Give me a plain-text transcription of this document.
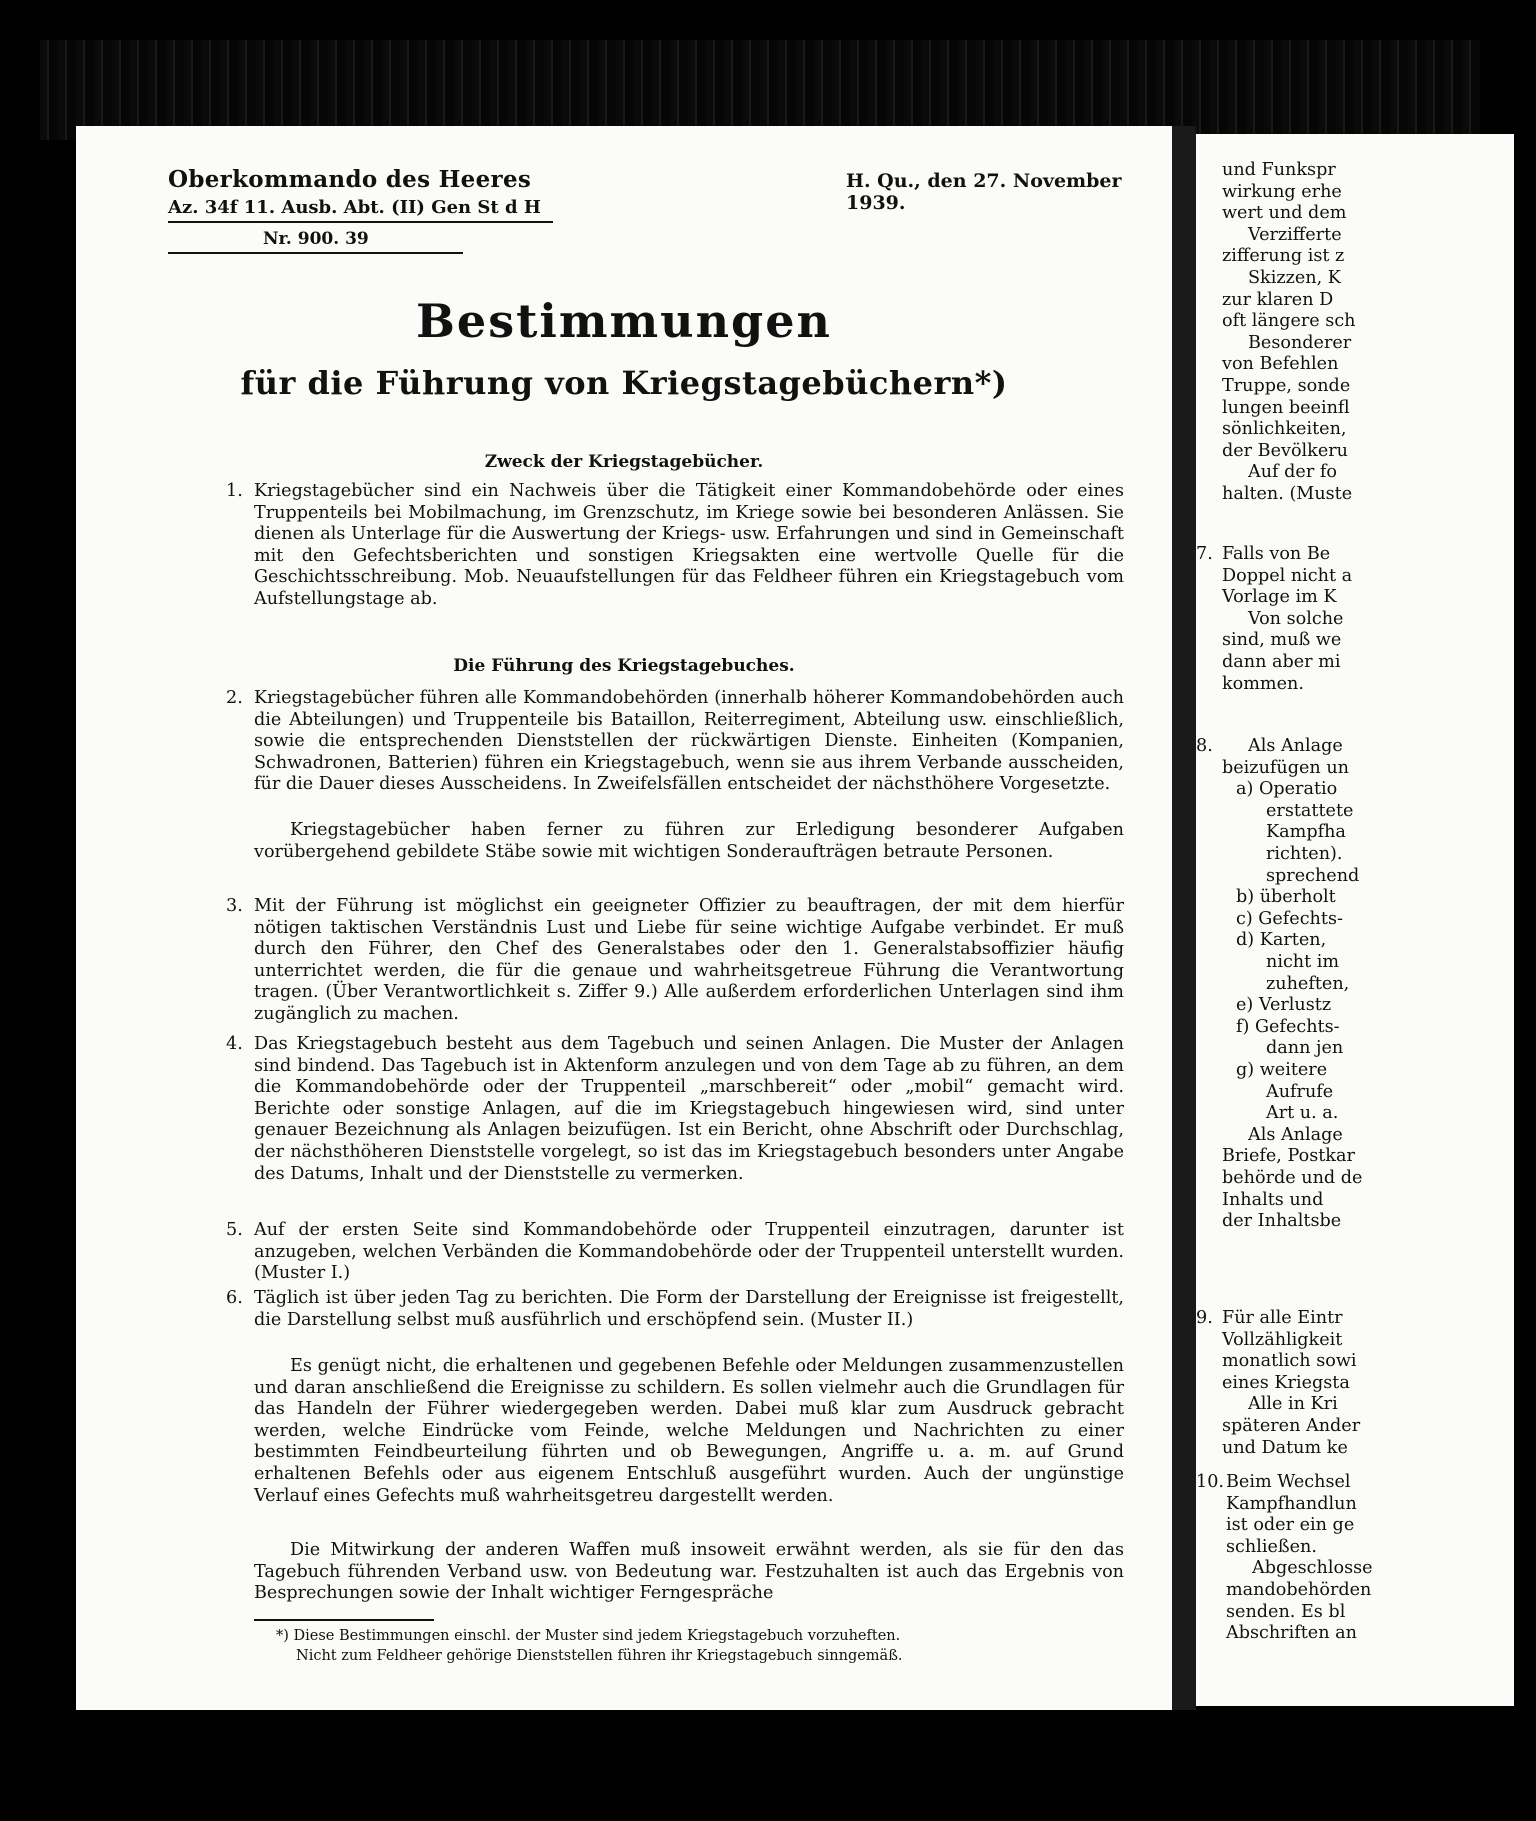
Oberkommando des Heeres
Az. 34f 11. Ausb. Abt. (II) Gen St d H
Nr. 900. 39
H. Qu., den 27. November 1939.
Bestimmungen
für die Führung von Kriegstagebüchern*)
Zweck der Kriegstagebücher.
1. Kriegstagebücher sind ein Nachweis über die Tätigkeit einer Kommandobehörde oder eines Truppenteils bei Mobilmachung, im Grenzschutz, im Kriege sowie bei besonderen Anlässen. Sie dienen als Unterlage für die Auswertung der Kriegs- usw. Erfahrungen und sind in Gemeinschaft mit den Gefechtsberichten und sonstigen Kriegsakten eine wertvolle Quelle für die Geschichtsschreibung. Mob. Neuaufstellungen für das Feldheer führen ein Kriegstagebuch vom Aufstellungstage ab.
Die Führung des Kriegstagebuches.
2. Kriegstagebücher führen alle Kommandobehörden (innerhalb höherer Kommandobehörden auch die Abteilungen) und Truppenteile bis Bataillon, Reiterregiment, Abteilung usw. einschließlich, sowie die entsprechenden Dienststellen der rückwärtigen Dienste. Einheiten (Kompanien, Schwadronen, Batterien) führen ein Kriegstagebuch, wenn sie aus ihrem Verbande ausscheiden, für die Dauer dieses Ausscheidens. In Zweifelsfällen entscheidet der nächsthöhere Vorgesetzte.
Kriegstagebücher haben ferner zu führen zur Erledigung besonderer Aufgaben vorübergehend gebildete Stäbe sowie mit wichtigen Sonderaufträgen betraute Personen.
3. Mit der Führung ist möglichst ein geeigneter Offizier zu beauftragen, der mit dem hierfür nötigen taktischen Verständnis Lust und Liebe für seine wichtige Aufgabe verbindet. Er muß durch den Führer, den Chef des Generalstabes oder den 1. Generalstabsoffizier häufig unterrichtet werden, die für die genaue und wahrheitsgetreue Führung die Verantwortung tragen. (Über Verantwortlichkeit s. Ziffer 9.) Alle außerdem erforderlichen Unterlagen sind ihm zugänglich zu machen.
4. Das Kriegstagebuch besteht aus dem Tagebuch und seinen Anlagen. Die Muster der Anlagen sind bindend. Das Tagebuch ist in Aktenform anzulegen und von dem Tage ab zu führen, an dem die Kommandobehörde oder der Truppenteil „marschbereit“ oder „mobil“ gemacht wird. Berichte oder sonstige Anlagen, auf die im Kriegstagebuch hingewiesen wird, sind unter genauer Bezeichnung als Anlagen beizufügen. Ist ein Bericht, ohne Abschrift oder Durchschlag, der nächsthöheren Dienststelle vorgelegt, so ist das im Kriegstagebuch besonders unter Angabe des Datums, Inhalt und der Dienststelle zu vermerken.
5. Auf der ersten Seite sind Kommandobehörde oder Truppenteil einzutragen, darunter ist anzugeben, welchen Verbänden die Kommandobehörde oder der Truppenteil unterstellt wurden. (Muster I.)
6. Täglich ist über jeden Tag zu berichten. Die Form der Darstellung der Ereignisse ist freigestellt, die Darstellung selbst muß ausführlich und erschöpfend sein. (Muster II.)
Es genügt nicht, die erhaltenen und gegebenen Befehle oder Meldungen zusammenzustellen und daran anschließend die Ereignisse zu schildern. Es sollen vielmehr auch die Grundlagen für das Handeln der Führer wiedergegeben werden. Dabei muß klar zum Ausdruck gebracht werden, welche Eindrücke vom Feinde, welche Meldungen und Nachrichten zu einer bestimmten Feindbeurteilung führten und ob Bewegungen, Angriffe u. a. m. auf Grund erhaltenen Befehls oder aus eigenem Entschluß ausgeführt wurden. Auch der ungünstige Verlauf eines Gefechts muß wahrheitsgetreu dargestellt werden.
Die Mitwirkung der anderen Waffen muß insoweit erwähnt werden, als sie für den das Tagebuch führenden Verband usw. von Bedeutung war. Festzuhalten ist auch das Ergebnis von Besprechungen sowie der Inhalt wichtiger Ferngespräche
*) Diese Bestimmungen einschl. der Muster sind jedem Kriegstagebuch vorzuheften.
Nicht zum Feldheer gehörige Dienststellen führen ihr Kriegstagebuch sinngemäß.
und Funkspr
wirkung erhe
wert und dem
Verzifferte
zifferung ist z
Skizzen, K
zur klaren D
oft längere sch
Besonderer
von Befehlen
Truppe, sonde
lungen beeinfl
sönlichkeiten,
der Bevölkeru
Auf der fo
halten. (Muste
7. Falls von Be
Doppel nicht a
Vorlage im K
Von solche
sind, muß we
dann aber mi
kommen.
8. Als Anlage
beizufügen un
a) Operatio
erstattete
Kampfha
richten).
sprechend
b) überholt
c) Gefechts-
d) Karten,
nicht im
zuheften,
e) Verlustz
f) Gefechts-
dann jen
g) weitere
Aufrufe
Art u. a.
Als Anlage
Briefe, Postkar
behörde und de
Inhalts und
der Inhaltsbe
9. Für alle Eintr
Vollzähligkeit
monatlich sowi
eines Kriegsta
Alle in Kri
späteren Ander
und Datum ke
10. Beim Wechsel
Kampfhandlun
ist oder ein ge
schließen.
Abgeschlosse
mandobehörden
senden. Es bl
Abschriften an
